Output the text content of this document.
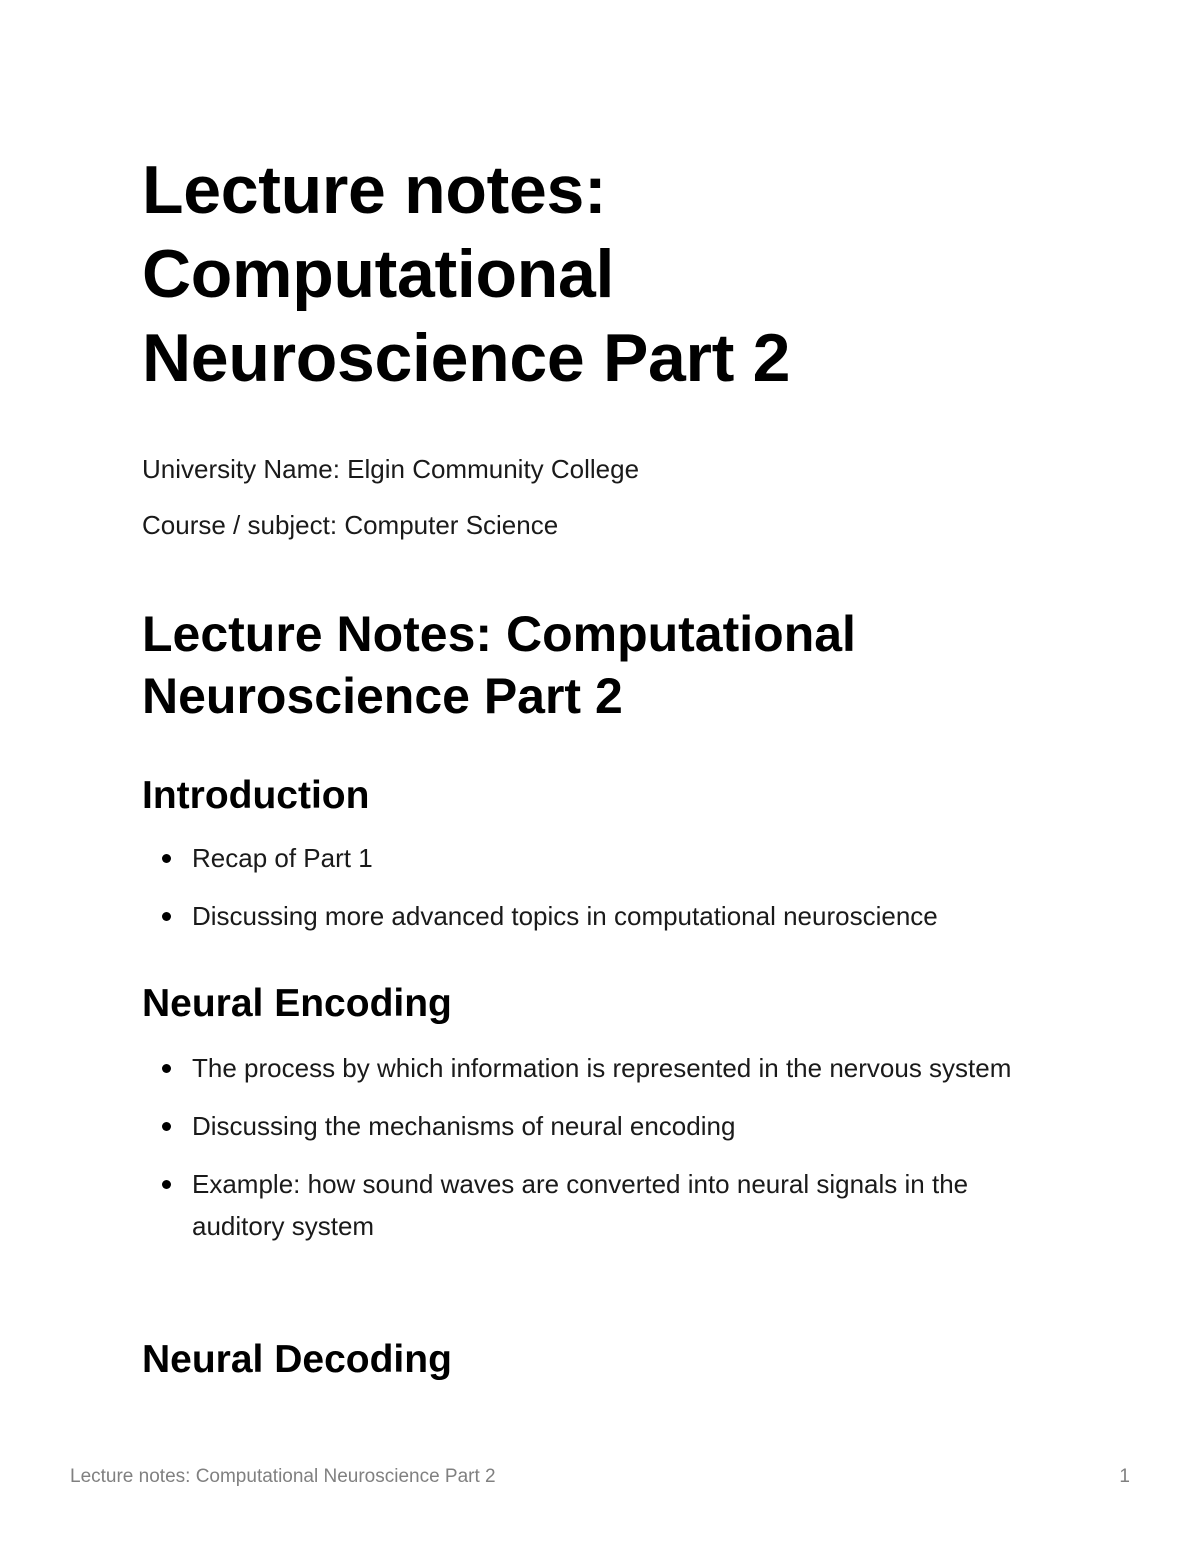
Lecture notes: Computational Neuroscience Part 2

University Name: Elgin Community College

Course / subject: Computer Science

Lecture Notes: Computational Neuroscience Part 2
Introduction
Recap of Part 1
Discussing more advanced topics in computational neuroscience
Neural Encoding
The process by which information is represented in the nervous system
Discussing the mechanisms of neural encoding
Example: how sound waves are converted into neural signals in the auditory system
Neural Decoding
Lecture notes: Computational Neuroscience Part 2	1
